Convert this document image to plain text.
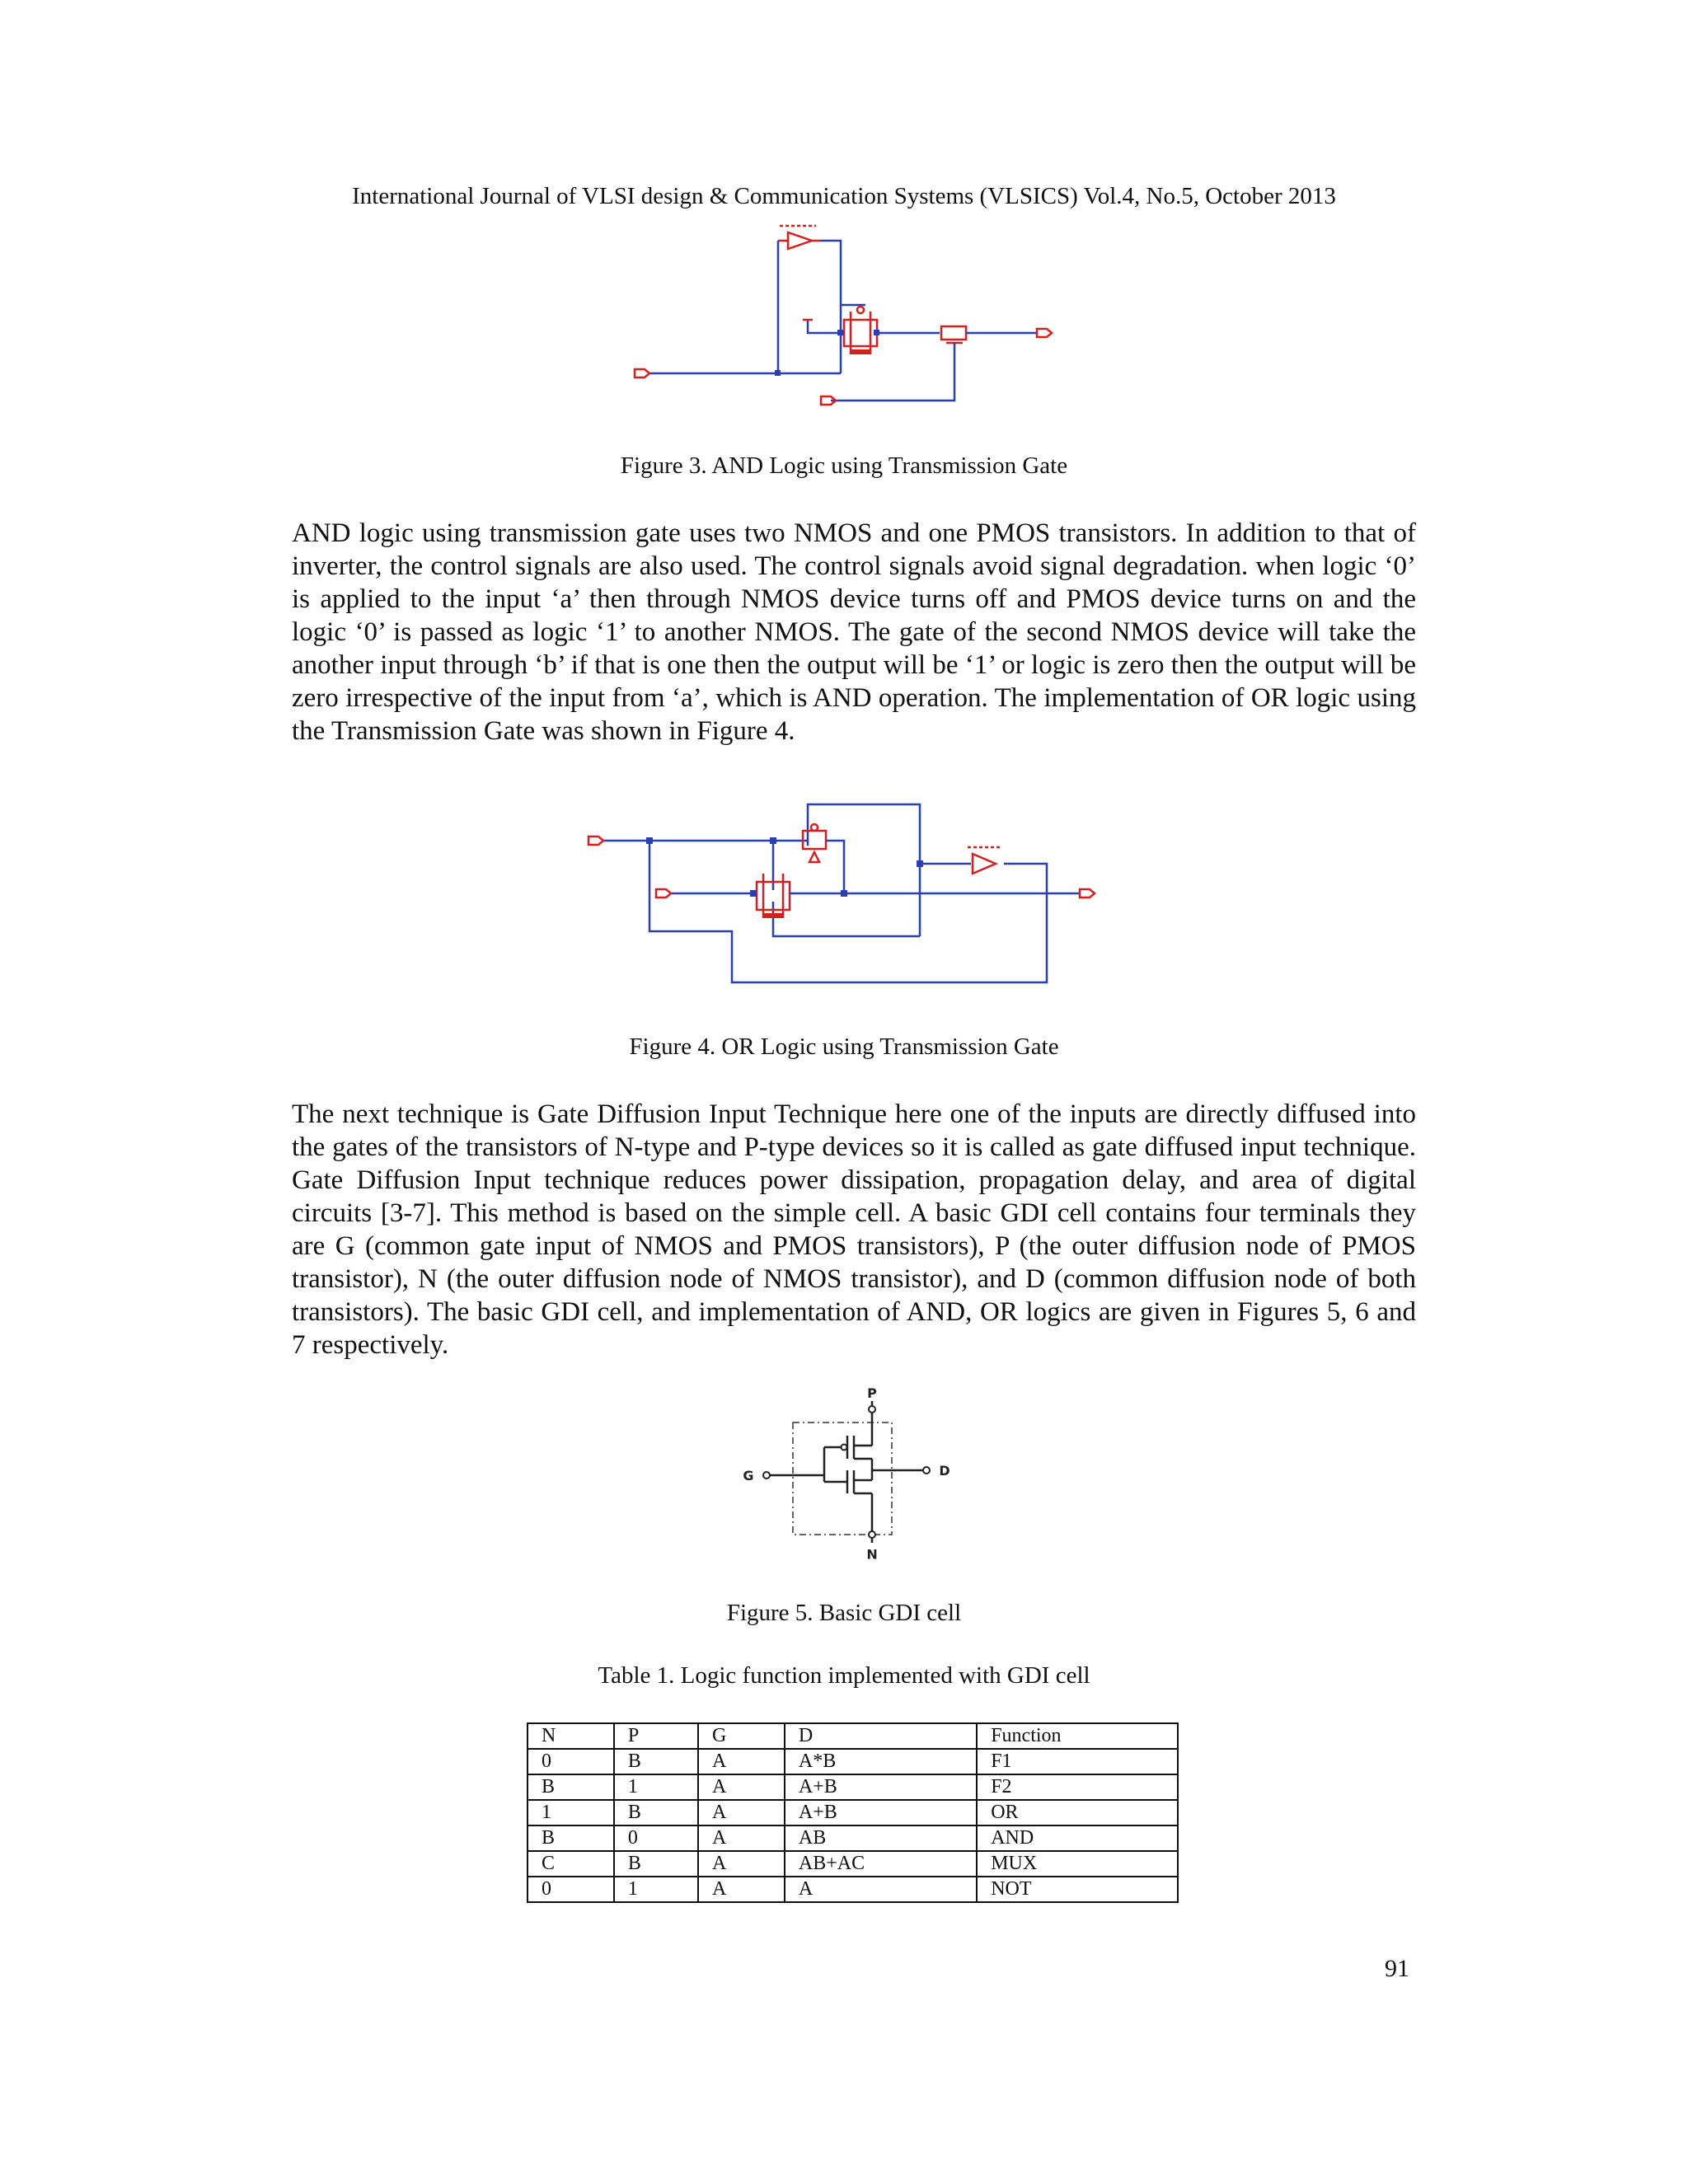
International Journal of VLSI design & Communication Systems (VLSICS) Vol.4, No.5, October 2013
Figure 3. AND Logic using Transmission Gate

AND logic using transmission gate uses two NMOS and one PMOS transistors. In addition to that of inverter, the control signals are also used. The control signals avoid signal degradation. when logic ‘0’ is applied to the input ‘a’ then through NMOS device turns off and PMOS device turns on and the logic ‘0’ is passed as logic ‘1’ to another NMOS. The gate of the second NMOS device will take the another input through ‘b’ if that is one then the output will be ‘1’ or logic is zero then the output will be zero irrespective of the input from ‘a’, which is AND operation. The implementation of OR logic using the Transmission Gate was shown in Figure 4.

Figure 4. OR Logic using Transmission Gate

The next technique is Gate Diffusion Input Technique here one of the inputs are directly diffused into the gates of the transistors of N-type and P-type devices so it is called as gate diffused input technique. Gate Diffusion Input technique reduces power dissipation, propagation delay, and area of digital circuits [3-7]. This method is based on the simple cell. A basic GDI cell contains four terminals they are G (common gate input of NMOS and PMOS transistors), P (the outer diffusion node of PMOS transistor), N (the outer diffusion node of NMOS transistor), and D (common diffusion node of both transistors). The basic GDI cell, and implementation of AND, OR logics are given in Figures 5, 6 and 7 respectively.

P
G	D
N
Figure 5. Basic GDI cell
Table 1. Logic function implemented with GDI cell
N	P	G	D	Function
0	B	A	A*B	F1
B	1	A	A+B	F2
1	B	A	A+B	OR
B	0	A	AB	AND
C	B	A	AB+AC	MUX
0	1	A	A	NOT
91
